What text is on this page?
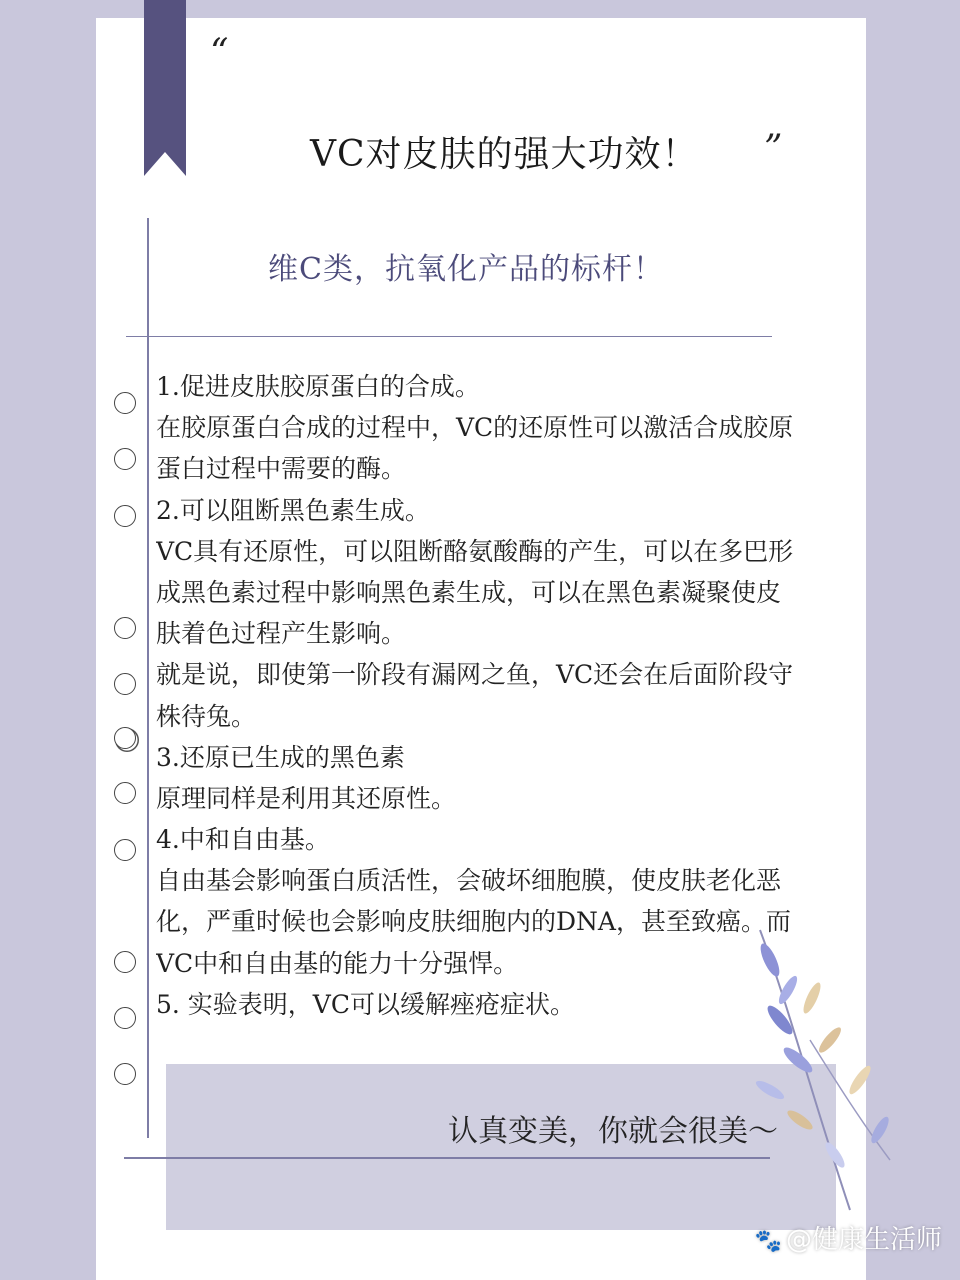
“
VC对皮肤的强大功效！ ”
维C类，抗氧化产品的标杆！
1.促进皮肤胶原蛋白的合成。
在胶原蛋白合成的过程中，VC的还原性可以激活合成胶原
蛋白过程中需要的酶。
2.可以阻断黑色素生成。
VC具有还原性，可以阻断酪氨酸酶的产生，可以在多巴形
成黑色素过程中影响黑色素生成，可以在黑色素凝聚使皮
肤着色过程产生影响。
就是说，即使第一阶段有漏网之鱼，VC还会在后面阶段守
株待兔。
3.还原已生成的黑色素
原理同样是利用其还原性。
4.中和自由基。
自由基会影响蛋白质活性，会破坏细胞膜，使皮肤老化恶
化，严重时候也会影响皮肤细胞内的DNA，甚至致癌。而
VC中和自由基的能力十分强悍。
5. 实验表明，VC可以缓解痤疮症状。
认真变美，你就会很美～
🐾 @健康生活师
